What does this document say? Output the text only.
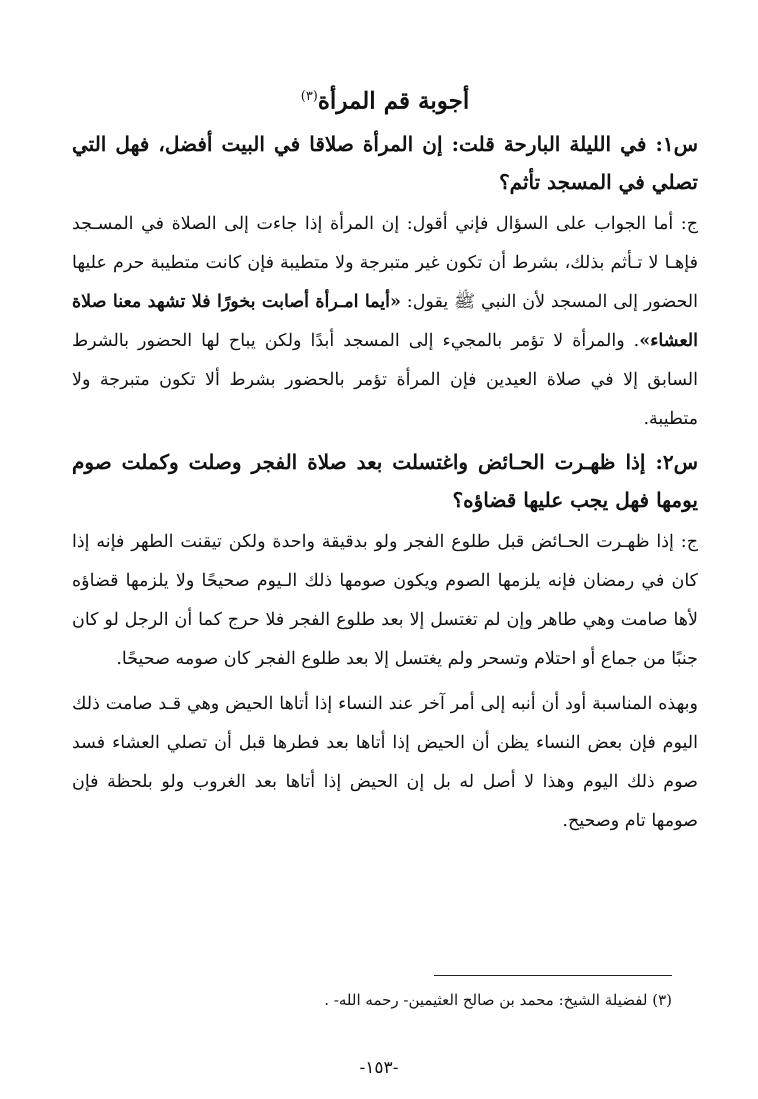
أجوبة قم المرأة$^{(٣)}$

س١: في الليلة البارحة قلت: إن المرأة صلاقا في البيت أفضل، فهل التي تصلي في المسجد تأثم؟

ج: أما الجواب على السؤال فإني أقول: إن المرأة إذا جاءت إلى الصلاة في المسـجد فإهـا لا تـأثم بذلك، بشرط أن تكون غير متبرجة ولا متطيبة فإن كانت متطيبة حرم عليها الحضور إلى المسجد لأن النبي ﷺ يقول: «أيما امـرأة أصابت بخورًا فلا تشهد معنا صلاة العشاء». والمرأة لا تؤمر بالمجيء إلى المسجد أبدًا ولكن يباح لها الحضور بالشرط السابق إلا في صلاة العيدين فإن المرأة تؤمر بالحضور بشرط ألا تكون متبرجة ولا متطيبة.

س٢: إذا ظهـرت الحـائض واغتسلت بعد صلاة الفجر وصلت وكملت صوم يومها فهل يجب عليها قضاؤه؟

ج: إذا ظهـرت الحـائض قبل طلوع الفجر ولو بدقيقة واحدة ولكن تيقنت الطهر فإنه إذا كان في رمضان فإنه يلزمها الصوم ويكون صومها ذلك الـيوم صحيحًا ولا يلزمها قضاؤه لأها صامت وهي طاهر وإن لم تغتسل إلا بعد طلوع الفجر فلا حرج كما أن الرجل لو كان جنبًا من جماع أو احتلام وتسحر ولم يغتسل إلا بعد طلوع الفجر كان صومه صحيحًا.

وبهذه المناسبة أود أن أنبه إلى أمر آخر عند النساء إذا أتاها الحيض وهي قـد صامت ذلك اليوم فإن بعض النساء يظن أن الحيض إذا أتاها بعد فطرها قبل أن تصلي العشاء فسد صوم ذلك اليوم وهذا لا أصل له بل إن الحيض إذا أتاها بعد الغروب ولو بلحظة فإن صومها تام وصحيح.

(٣) لفضيلة الشيخ: محمد بن صالح العثيمين- رحمه الله- .
-١٥٣-
